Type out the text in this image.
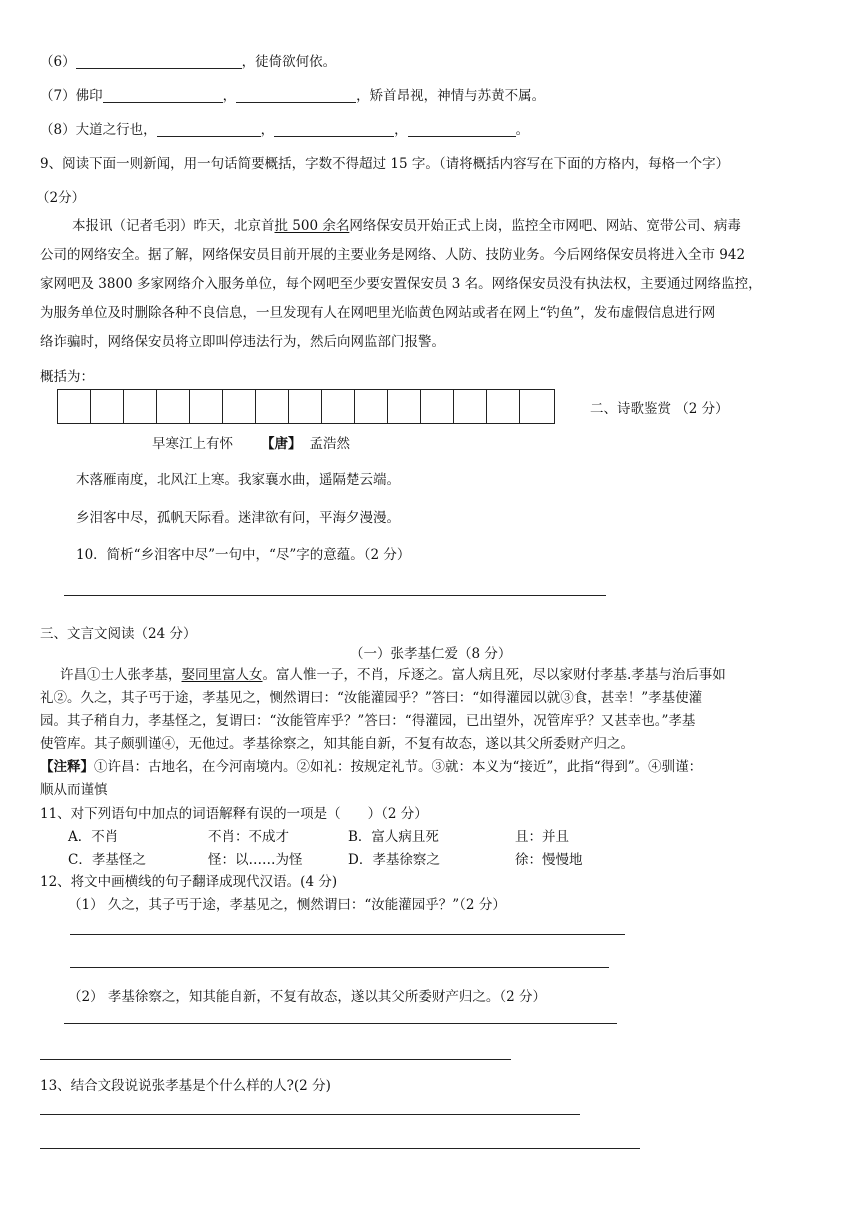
（6）	，徒倚欲何依。
（7）佛印	，	，矫首昂视，神情与苏黄不属。
（8）大道之行也，	，	，	。
9、阅读下面一则新闻，用一句话简要概括，字数不得超过 15 字。（请将概括内容写在下面的方格内，每格一个字）
（2分）
本报讯（记者毛羽）昨天，北京首批 500 余名网络保安员开始正式上岗，监控全市网吧、网站、宽带公司、病毒
公司的网络安全。据了解，网络保安员目前开展的主要业务是网络、人防、技防业务。今后网络保安员将进入全市 942
家网吧及 3800 多家网络介入服务单位，每个网吧至少要安置保安员 3 名。网络保安员没有执法权，主要通过网络监控，
为服务单位及时删除各种不良信息，一旦发现有人在网吧里光临黄色网站或者在网上“钓鱼”，发布虚假信息进行网
络诈骗时，网络保安员将立即叫停违法行为，然后向网监部门报警。
概括为：
二、诗歌鉴赏 （2 分）
早寒江上有怀 【唐】 孟浩然
木落雁南度，北风江上寒。我家襄水曲，遥隔楚云端。
乡泪客中尽，孤帆天际看。迷津欲有问，平海夕漫漫。
10．简析“乡泪客中尽”一句中，“尽”字的意蕴。（2 分）
三、文言文阅读（24 分）
（一）张孝基仁爱（8 分）
许昌①士人张孝基，娶同里富人女。富人惟一子，不肖，斥逐之。富人病且死，尽以家财付孝基.孝基与治后事如
礼②。久之，其子丐于途，孝基见之，恻然谓曰：“汝能灌园乎？”答曰：“如得灌园以就③食，甚幸！”孝基使灌
园。其子稍自力，孝基怪之，复谓曰：“汝能管库乎？”答曰：“得灌园，已出望外，况管库乎？又甚幸也。”孝基
使管库。其子颇驯谨④，无他过。孝基徐察之，知其能自新，不复有故态，遂以其父所委财产归之。
【注释】①许昌：古地名，在今河南境内。②如礼：按规定礼节。③就：本义为“接近”，此指“得到”。④驯谨：
顺从而谨慎
11、对下列语句中加点的词语解释有误的一项是（　　）（2 分）
A．不肖	不肖：不成才	B．富人病且死	且：并且
C．孝基怪之	怪：以……为怪	D．孝基徐察之	徐：慢慢地
12、将文中画横线的句子翻译成现代汉语。(4 分)
（1） 久之，其子丐于途，孝基见之，恻然谓曰：“汝能灌园乎？”（2 分）
（2） 孝基徐察之，知其能自新，不复有故态，遂以其父所委财产归之。（2 分）
13、结合文段说说张孝基是个什么样的人?(2 分)
